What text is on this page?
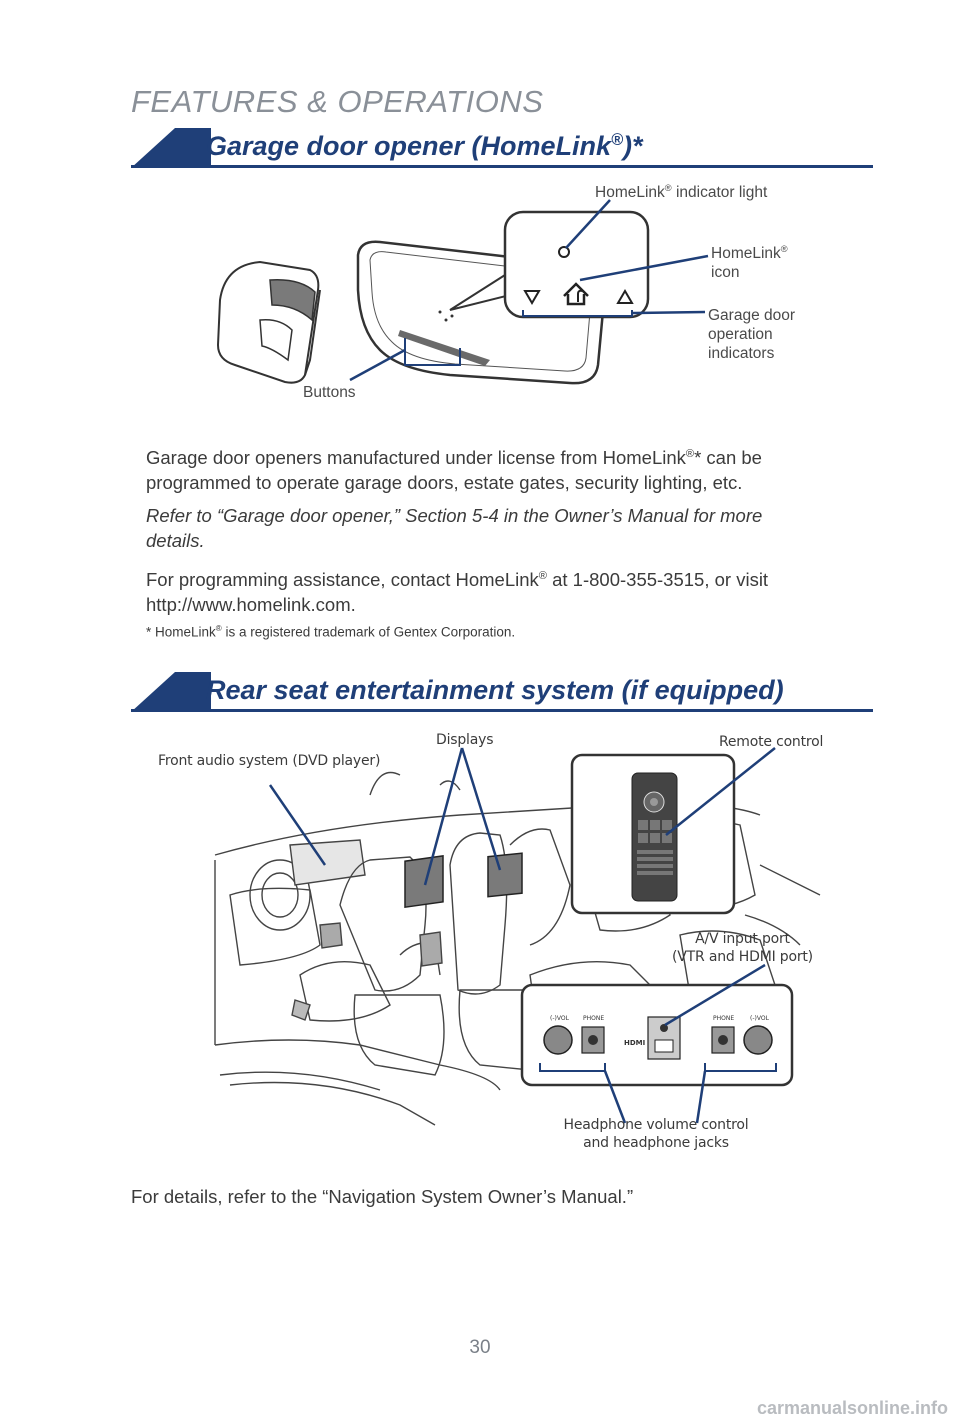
FEATURES & OPERATIONS
Garage door opener (HomeLink®)*
HomeLink® indicator light
HomeLink®
icon
Garage door
operation
indicators
Buttons
Garage door openers manufactured under license from HomeLink®* can be
programmed to operate garage doors, estate gates, security lighting, etc.
Refer to “Garage door opener,” Section 5-4 in the Owner’s Manual for more
details.
For programming assistance, contact HomeLink® at 1-800-355-3515, or visit
http://www.homelink.com.
* HomeLink® is a registered trademark of Gentex Corporation.
Rear seat entertainment system (if equipped)
(-)VOL PHONE
HDMI
PHONE	(-)VOL
Front audio system (DVD player)
Displays	Remote control
A/V input port
(VTR and HDMI port)
Headphone volume control
and headphone jacks
For details, refer to the “Navigation System Owner’s Manual.”
30
carmanualsonline.info
